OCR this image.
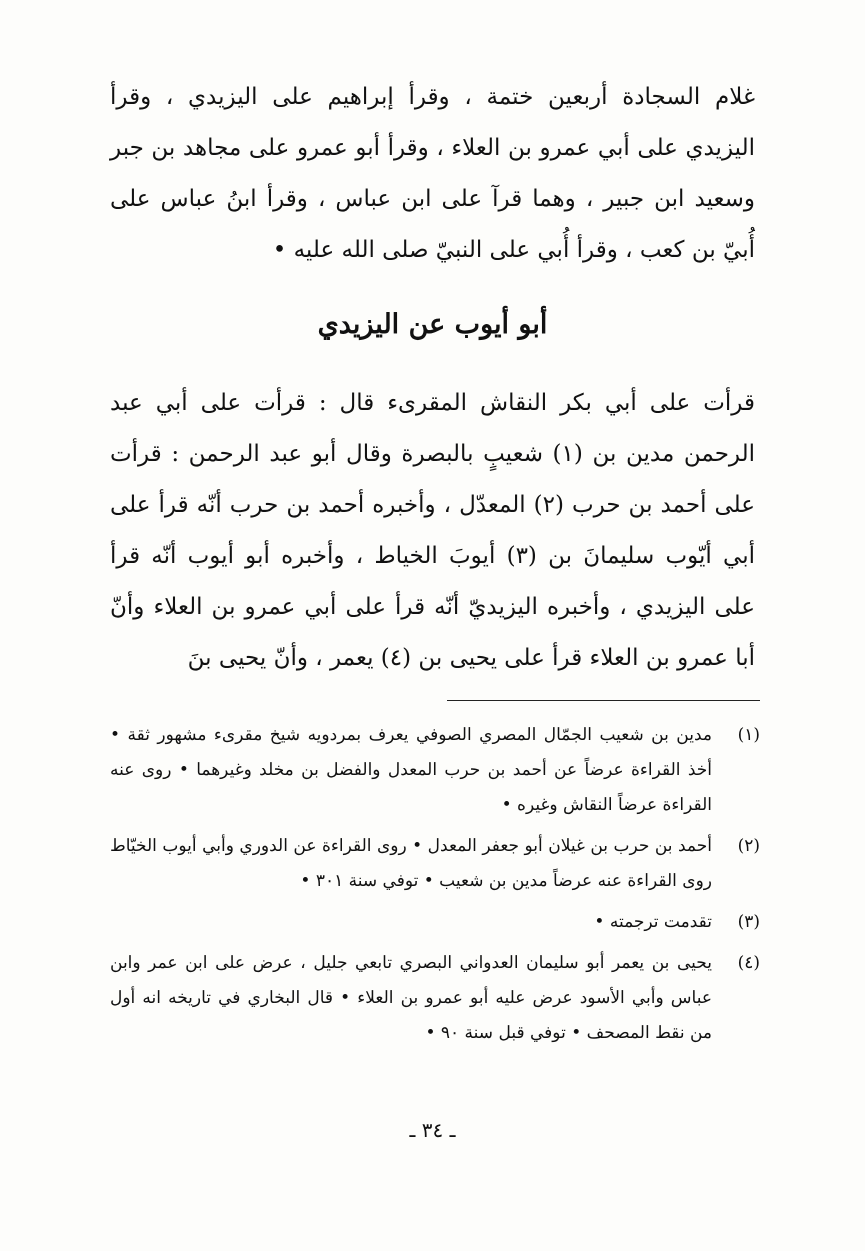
غلام السجادة أربعين ختمة ، وقرأ إبراهيم على اليزيدي ، وقرأ اليزيدي على أبي عمرو بن العلاء ، وقرأ أبو عمرو على مجاهد بن جبر وسعيد ابن جبير ، وهما قرآ على ابن عباس ، وقرأ ابنُ عباس على أُبيّ بن كعب ، وقرأ أُبي على النبيّ صلى الله عليه •

أبو أيوب عن اليزيدي

قرأت على أبي بكر النقاش المقرىء قال : قرأت على أبي عبد الرحمن مدين بن (١) شعيبٍ بالبصرة وقال أبو عبد الرحمن : قرأت على أحمد بن حرب (٢) المعدّل ، وأخبره أحمد بن حرب أنّه قرأ على أبي أيّوب سليمانَ بن (٣) أيوبَ الخياط ، وأخبره أبو أيوب أنّه قرأ على اليزيدي ، وأخبره اليزيديّ أنّه قرأ على أبي عمرو بن العلاء وأنّ أبا عمرو بن العلاء قرأ على يحيى بن (٤) يعمر ، وأنّ يحيى بنَ

(١)
مدين بن شعيب الجمّال المصري الصوفي يعرف بمردويه شيخ مقرىء مشهور ثقة • أخذ القراءة عرضاً عن أحمد بن حرب المعدل والفضل بن مخلد وغيرهما • روى عنه القراءة عرضاً النقاش وغيره •
(٢)
أحمد بن حرب بن غيلان أبو جعفر المعدل • روى القراءة عن الدوري وأبي أيوب الخيّاط روى القراءة عنه عرضاً مدين بن شعيب • توفي سنة ٣٠١ •
(٣)
تقدمت ترجمته •
(٤)
يحيى بن يعمر أبو سليمان العدواني البصري تابعي جليل ، عرض على ابن عمر وابن عباس وأبي الأسود عرض عليه أبو عمرو بن العلاء • قال البخاري في تاريخه انه أول من نقط المصحف • توفي قبل سنة ٩٠ •
ـ ٣٤ ـ
